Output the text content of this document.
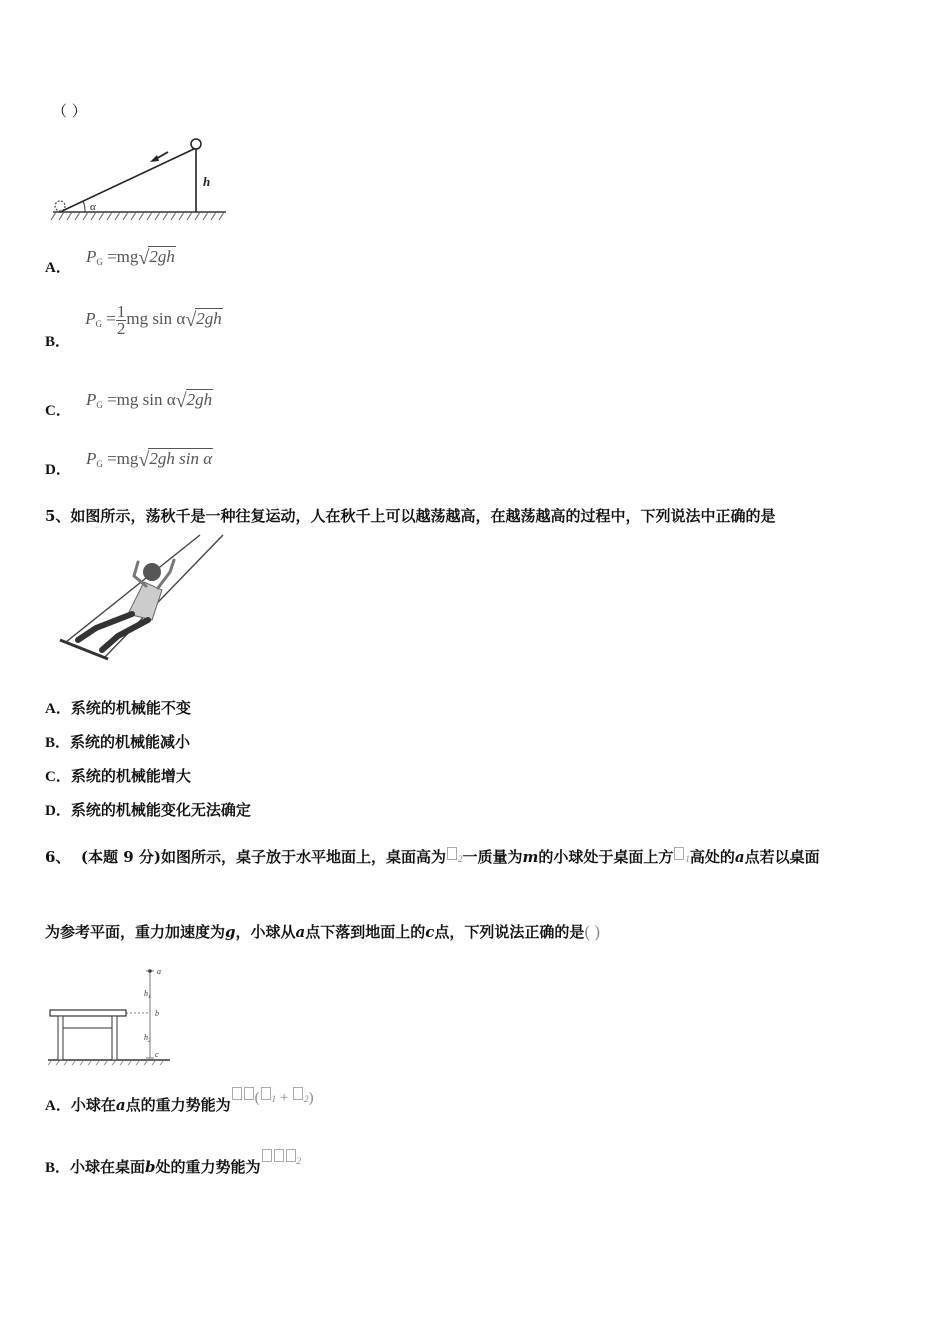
（ ）
α
h
A． $P_G =mg√2gh$
B． $P_G = \frac{1}{2}$ mg sin α√2gh
C． $P_G =mg$ sin α√2gh
D． $P_G =mg√2gh$ sin α
5、如图所示，荡秋千是一种往复运动，人在秋千上可以越荡越高，在越荡越高的过程中，下列说法中正确的是
A．系统的机械能不变
B．系统的机械能减小
C．系统的机械能增大
D．系统的机械能变化无法确定
6、 (本题 9 分)如图所示，桌子放于水平地面上，桌面高为 2一质量为m的小球处于桌面上方 1高处的a点若以桌面
为参考平面，重力加速度为g，小球从a点下落到地面上的c点，下列说法正确的是( )
a
b
c
$h_1$
$h_2$
A．小球在a点的重力势能为 ( 1 + 2)
B．小球在桌面b处的重力势能为	2
